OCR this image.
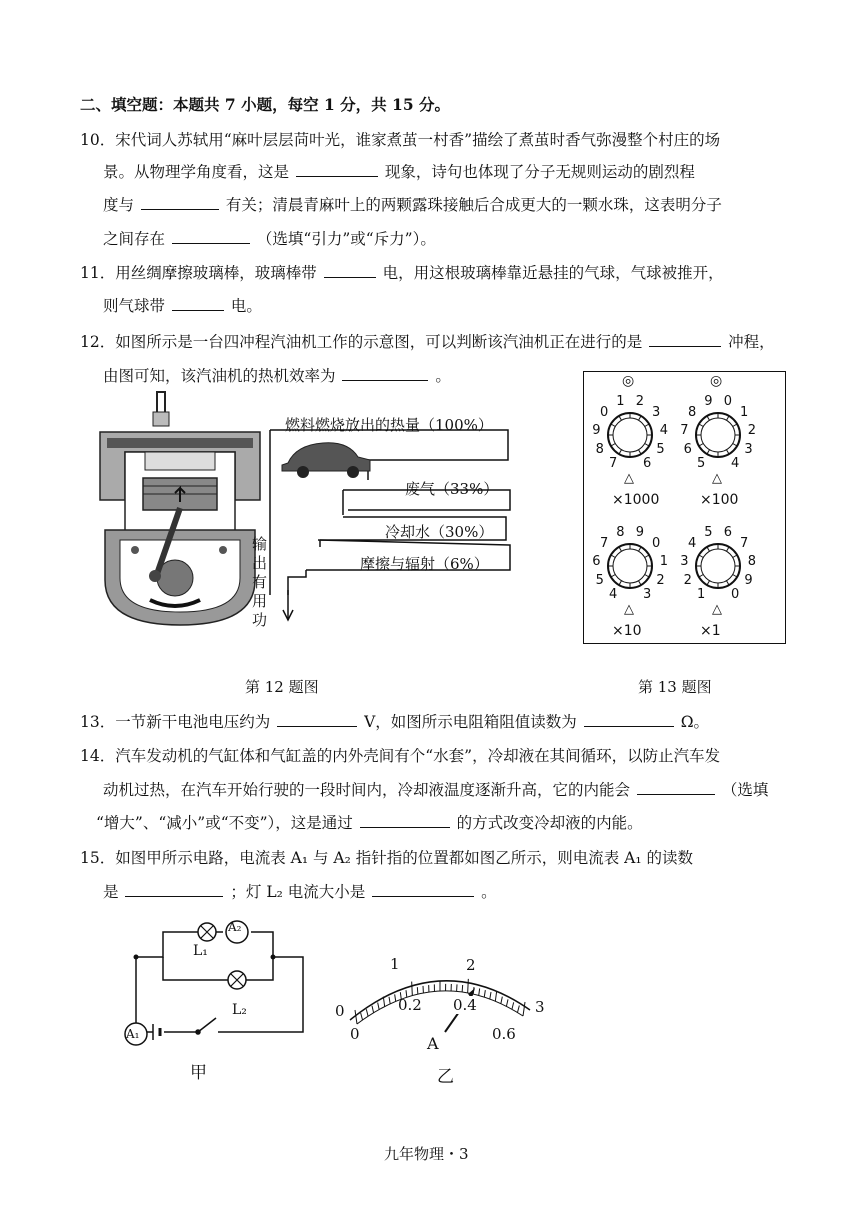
二、填空题：本题共 7 小题，每空 1 分，共 15 分。
10．宋代词人苏轼用“麻叶层层苘叶光，谁家煮茧一村香”描绘了煮茧时香气弥漫整个村庄的场
景。从物理学角度看，这是	现象，诗句也体现了分子无规则运动的剧烈程
度与	有关；清晨青麻叶上的两颗露珠接触后合成更大的一颗水珠，这表明分子
之间存在	（选填“引力”或“斥力”）。
11．用丝绸摩擦玻璃棒，玻璃棒带	电，用这根玻璃棒靠近悬挂的气球，气球被推开，
则气球带	电。
12．如图所示是一台四冲程汽油机工作的示意图，可以判断该汽油机正在进行的是	冲程，
由图可知，该汽油机的热机效率为	。
燃料燃烧放出的热量（100%）
废气（33%）
冷却水（30%）
摩擦与辐射（6%）
输
出
有
用
功
第 12 题图
7
8
9
0
1 2
3
4
5
6
△
◎
×1000
5
6
7
8
9 0
1
2
3
4
△
◎
×100
4
5
6
7
8 9
0
1
2
3
△
×10
1
2
3
4
5 6
7
8
9
0
△
×1
第 13 题图
13．一节新干电池电压约为	V，如图所示电阻箱阻值读数为	Ω。
14．汽车发动机的气缸体和气缸盖的内外壳间有个“水套”，冷却液在其间循环，以防止汽车发
动机过热，在汽车开始行驶的一段时间内，冷却液温度逐渐升高，它的内能会	（选填
“增大”、“减小”或“不变”），这是通过	的方式改变冷却液的内能。
15．如图甲所示电路，电流表 A₁ 与 A₂ 指针指的位置都如图乙所示，则电流表 A₁ 的读数
是	；灯 L₂ 电流大小是	。
A₂
A₁
L₁
L₂
甲
1	2
3
0
0
0.2 0.4
0.6
A
乙
九年物理・3
